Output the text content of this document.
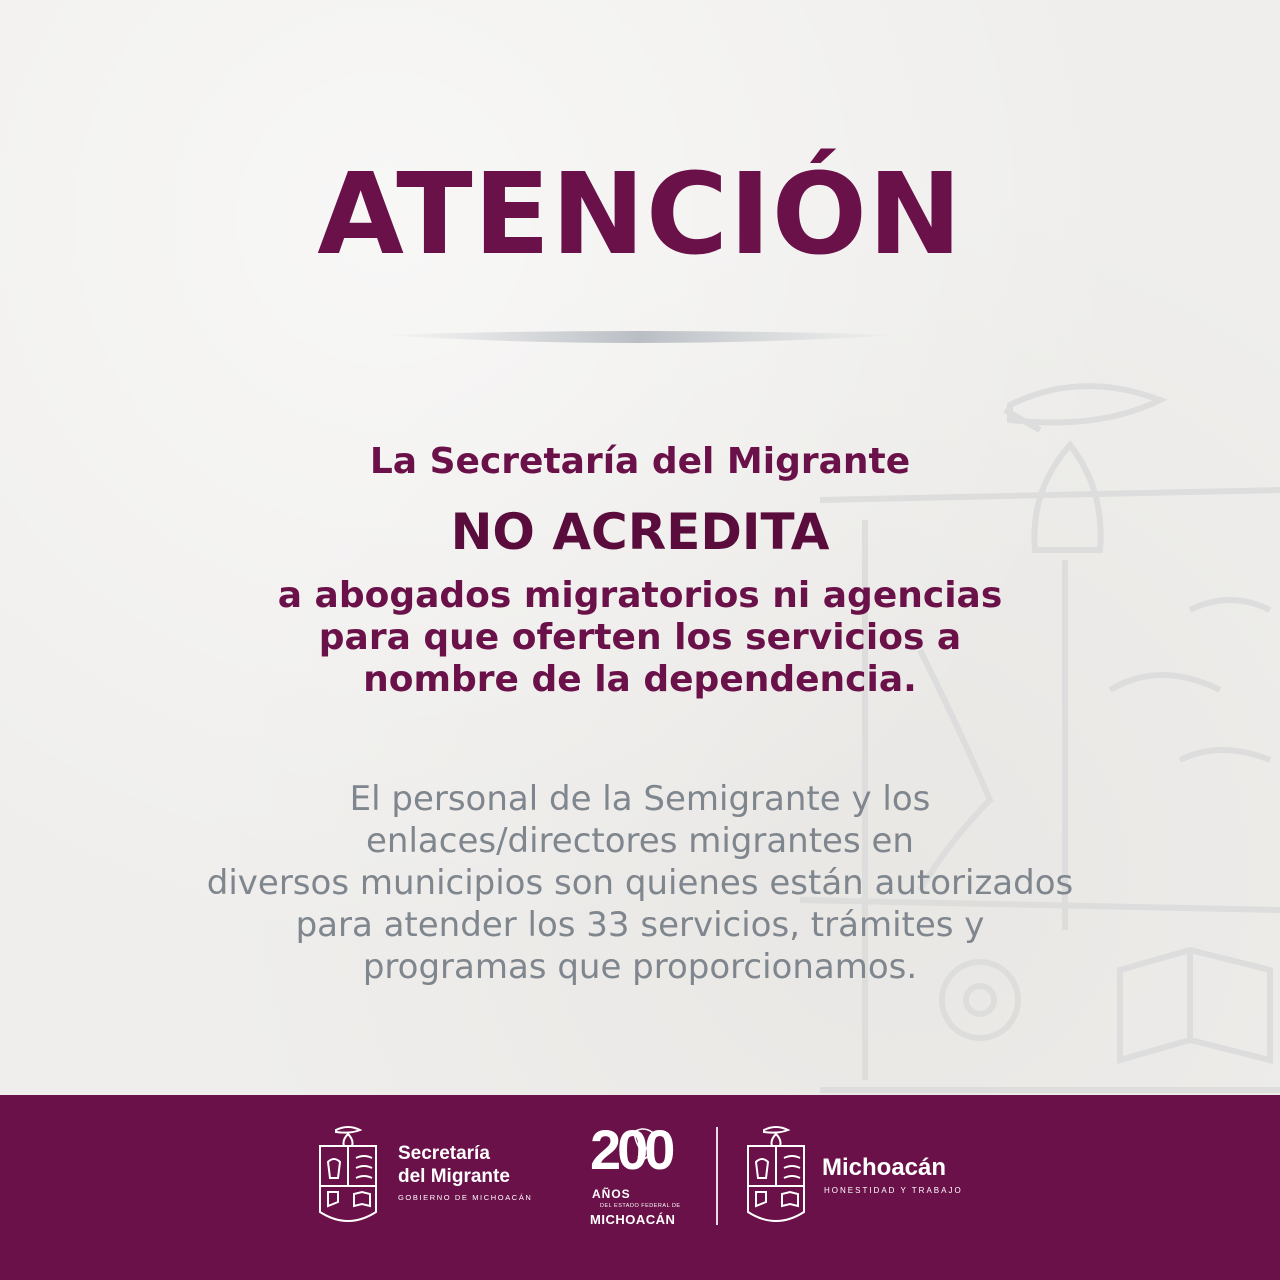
ATENCIÓN
La Secretaría del Migrante
NO ACREDITA
a abogados migratorios ni agencias
para que oferten los servicios a
nombre de la dependencia.
El personal de la Semigrante y los
enlaces/directores migrantes en
diversos municipios son quienes están autorizados
para atender los 33 servicios, trámites y
programas que proporcionamos.
Secretaría
del Migrante
GOBIERNO DE MICHOACÁN
200
AÑOS
DEL ESTADO FEDERAL DE
MICHOACÁN
Michoacán
HONESTIDAD Y TRABAJO
